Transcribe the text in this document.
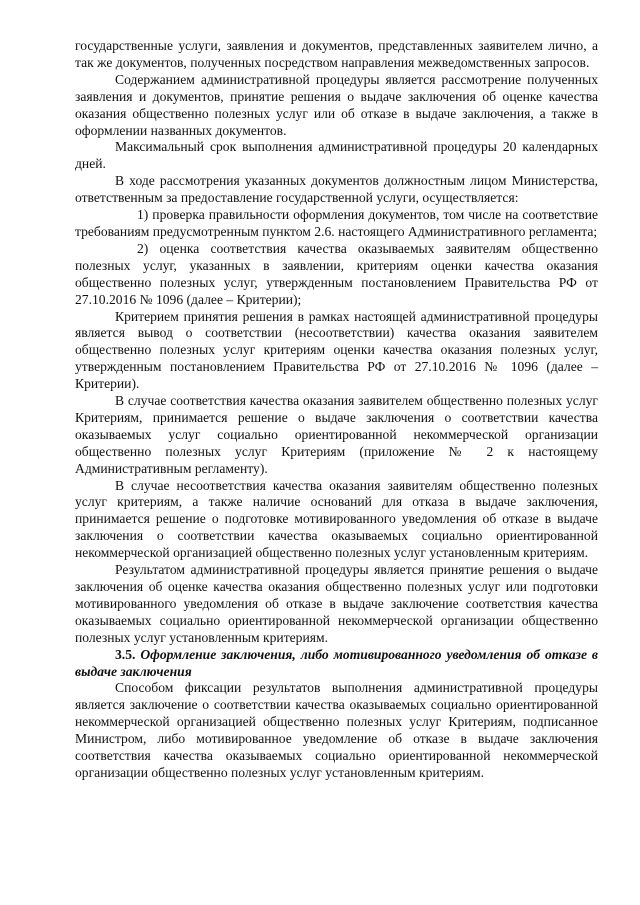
государственные услуги, заявления и документов, представленных заявителем лично, а так же документов, полученных посредством направления межведомственных запросов.

Содержанием административной процедуры является рассмотрение полученных заявления и документов, принятие решения о выдаче заключения об оценке качества оказания общественно полезных услуг или об отказе в выдаче заключения, а также в оформлении названных документов.

Максимальный срок выполнения административной процедуры 20 календарных дней.

В ходе рассмотрения указанных документов должностным лицом Министерства, ответственным за предоставление государственной услуги, осуществляется:

1) проверка правильности оформления документов, том числе на соответствие требованиям предусмотренным пунктом 2.6. настоящего Административного регламента;

2) оценка соответствия качества оказываемых заявителям общественно полезных услуг, указанных в заявлении, критериям оценки качества оказания общественно полезных услуг, утвержденным постановлением Правительства РФ от 27.10.2016 № 1096 (далее – Критерии);

Критерием принятия решения в рамках настоящей административной процедуры является вывод о соответствии (несоответствии) качества оказания заявителем общественно полезных услуг критериям оценки качества оказания полезных услуг, утвержденным постановлением Правительства РФ от 27.10.2016 № 1096 (далее – Критерии).

В случае соответствия качества оказания заявителем общественно полезных услуг Критериям, принимается решение о выдаче заключения о соответствии качества оказываемых услуг социально ориентированной некоммерческой организации общественно полезных услуг Критериям (приложение № 2 к настоящему Административным регламенту).

В случае несоответствия качества оказания заявителям общественно полезных услуг критериям, а также наличие оснований для отказа в выдаче заключения, принимается решение о подготовке мотивированного уведомления об отказе в выдаче заключения о соответствии качества оказываемых социально ориентированной некоммерческой организацией общественно полезных услуг установленным критериям.

Результатом административной процедуры является принятие решения о выдаче заключения об оценке качества оказания общественно полезных услуг или подготовки мотивированного уведомления об отказе в выдаче заключение соответствия качества оказываемых социально ориентированной некоммерческой организации общественно полезных услуг установленным критериям.

3.5. Оформление заключения, либо мотивированного уведомления об отказе в выдаче заключения

Способом фиксации результатов выполнения административной процедуры является заключение о соответствии качества оказываемых социально ориентированной некоммерческой организацией общественно полезных услуг Критериям, подписанное Министром, либо мотивированное уведомление об отказе в выдаче заключения соответствия качества оказываемых социально ориентированной некоммерческой организации общественно полезных услуг установленным критериям.
